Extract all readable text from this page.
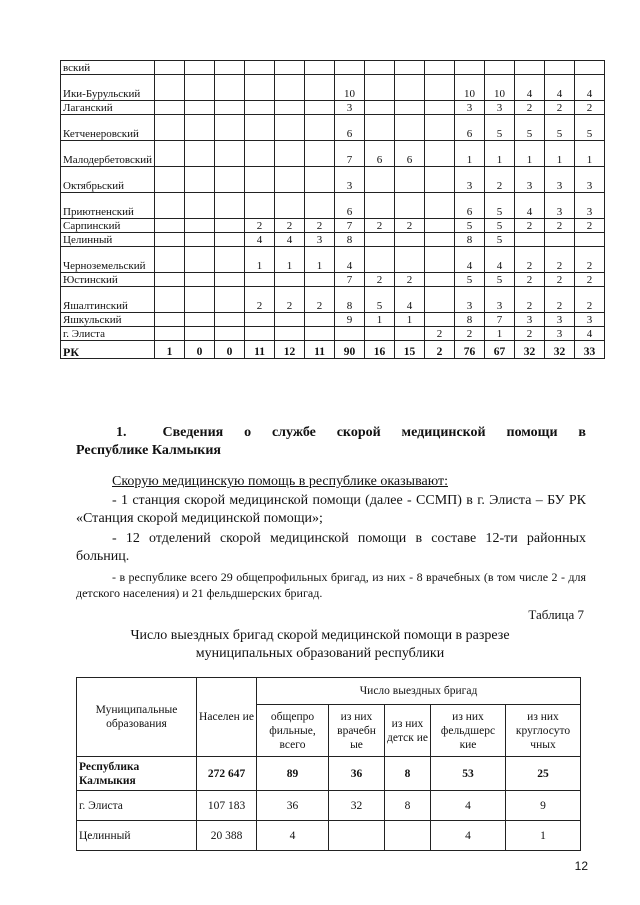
вский															
Ики-Бурульский							10				10	10	4	4	4
Лаганский							3				3	3	2	2	2
Кетченеровский							6				6	5	5	5	5
Малодербетовский							7	6	6		1	1	1	1	1
Октябрьский							3				3	2	3	3	3
Приютненский							6				6	5	4	3	3
Сарпинский				2	2	2	7	2	2		5	5	2	2	2
Целинный				4	4	3	8				8	5			
Черноземельский				1	1	1	4				4	4	2	2	2
Юстинский							7	2	2		5	5	2	2	2
Яшалтинский				2	2	2	8	5	4		3	3	2	2	2
Яшкульский							9	1	1		8	7	3	3	3
г. Элиста										2	2	1	2	3	4
РК	1	0	0	11	12	11	90	16	15	2	76	67	32	32	33
1.	Сведения о службе скорой медицинской помощи в
Республике Калмыкия
Скорую медицинскую помощь в республике оказывают:
- 1 станция скорой медицинской помощи (далее - ССМП) в г. Элиста – БУ РК «Станция скорой медицинской помощи»;
- 12 отделений скорой медицинской помощи в составе 12-ти районных больниц.
- в республике всего 29 общепрофильных бригад, из них - 8 врачебных (в том числе 2 - для детского населения) и 21 фельдшерских бригад.
Таблица 7
Число выездных бригад скорой медицинской помощи в разрезе
муниципальных образований республики
Муниципальные образования	Населен ие	Число выездных бригад				
		общепро фильные, всего	из них врачебн ые	из них детск ие	из них фельдшерс кие	из них круглосуто чных
Республика Калмыкия	272 647	89	36	8	53	25
г. Элиста	107 183	36	32	8	4	9
Целинный	20 388	4			4	1
12
